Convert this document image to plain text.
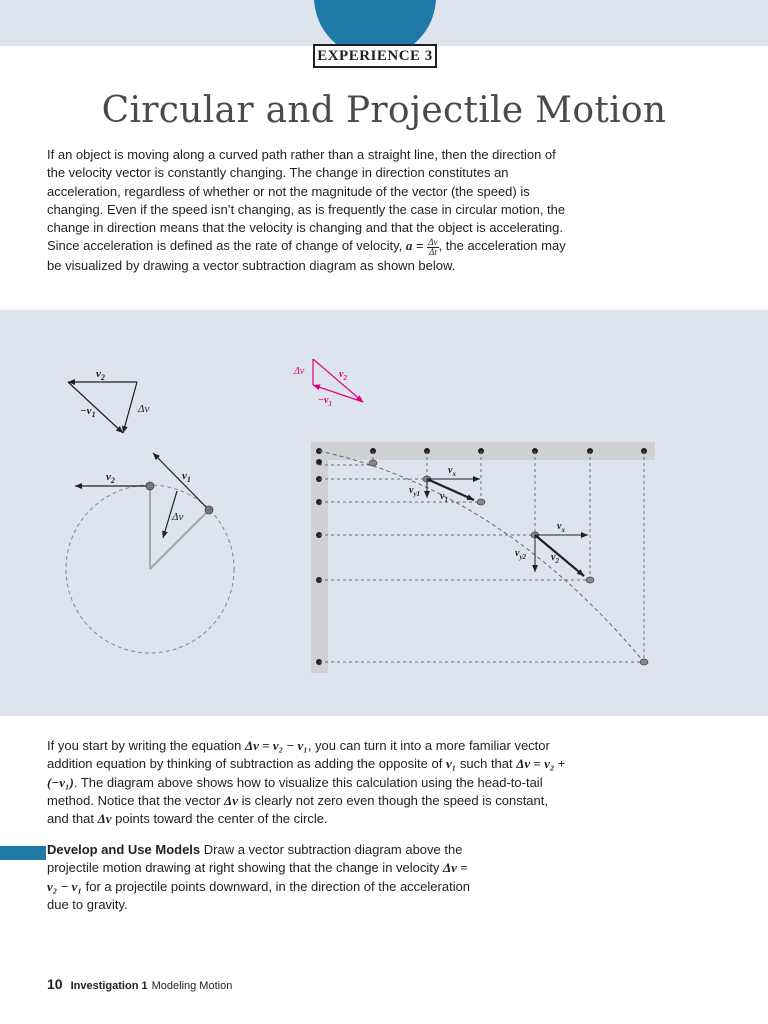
EXPERIENCE 3
Circular and Projectile Motion

If an object is moving along a curved path rather than a straight line, then the direction of the velocity vector is constantly changing. The change in direction constitutes an acceleration, regardless of whether or not the magnitude of the vector (the speed) is changing. Even if the speed isn’t changing, as is frequently the case in circular motion, the change in direction means that the velocity is changing and that the object is accelerating. Since acceleration is defined as the rate of change of velocity, $a = \frac{\Delta v}{\Delta t}$ , the acceleration may be visualized by drawing a vector subtraction diagram as shown below.

$v_2$
$-v_1$	Δv
Δv	$v_2$
$-v_1$
$v_2$	$v_1$
Δv
$v_x$
$v_{y1}$ $v_1$
$v_x$
$v_{y2}$ $v_2$

If you start by writing the equation Δv = v₂ − v₁, you can turn it into a more familiar vector addition equation by thinking of subtraction as adding the opposite of v₁ such that Δv = v₂ + (−v₁). The diagram above shows how to visualize this calculation using the head-to-tail method. Notice that the vector Δv is clearly not zero even though the speed is constant, and that Δv points toward the center of the circle.

Develop and Use Models Draw a vector subtraction diagram above the projectile motion drawing at right showing that the change in velocity Δv = v₂ − v₁ for a projectile points downward, in the direction of the acceleration due to gravity.

10 Investigation 1 Modeling Motion
